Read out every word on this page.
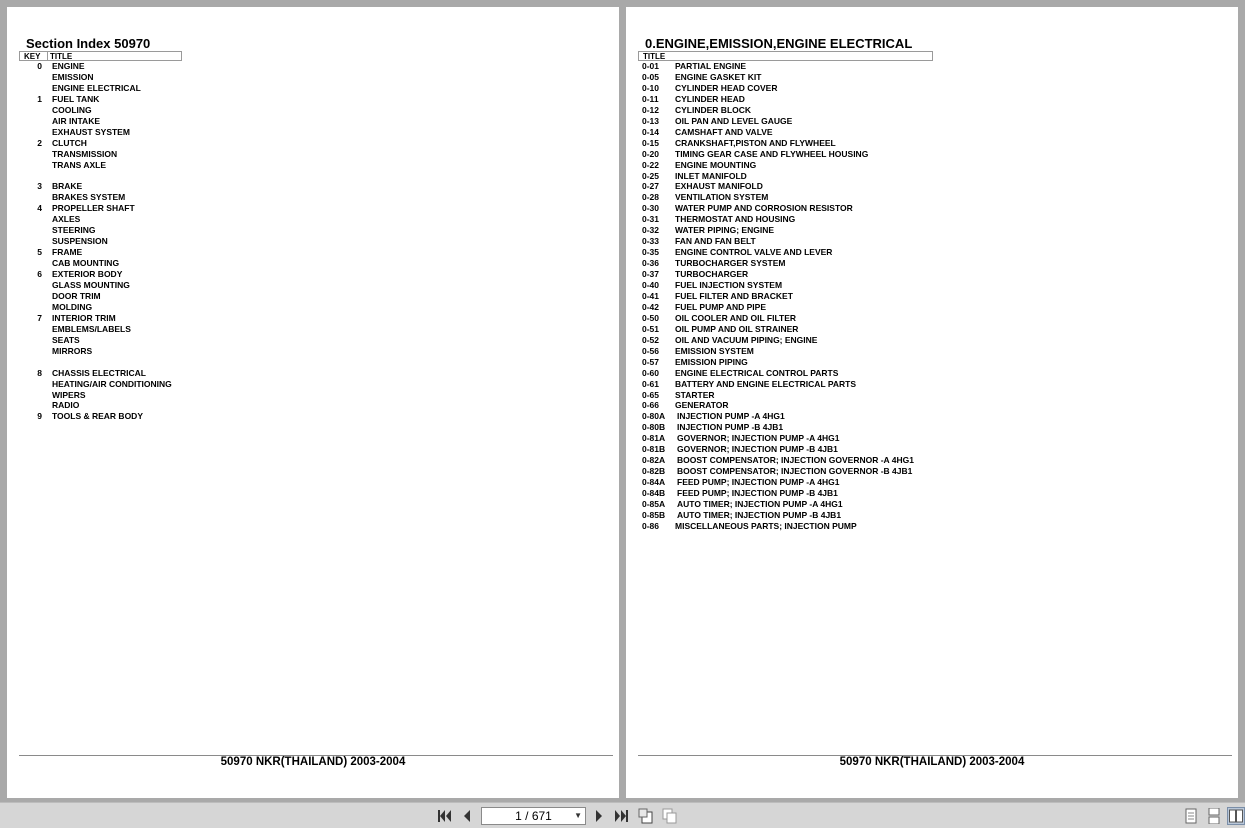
Section Index 50970
KEY TITLE
0 ENGINE
EMISSION
ENGINE ELECTRICAL
1 FUEL TANK
COOLING
AIR INTAKE
EXHAUST SYSTEM
2 CLUTCH
TRANSMISSION
TRANS AXLE
3 BRAKE
BRAKES SYSTEM
4 PROPELLER SHAFT
AXLES
STEERING
SUSPENSION
5 FRAME
CAB MOUNTING
6 EXTERIOR BODY
GLASS MOUNTING
DOOR TRIM
MOLDING
7 INTERIOR TRIM
EMBLEMS/LABELS
SEATS
MIRRORS
8 CHASSIS ELECTRICAL
HEATING/AIR CONDITIONING
WIPERS
RADIO
9 TOOLS & REAR BODY
50970 NKR(THAILAND) 2003-2004
0.ENGINE,EMISSION,ENGINE ELECTRICAL
TITLE
0-01 PARTIAL ENGINE
0-05 ENGINE GASKET KIT
0-10 CYLINDER HEAD COVER
0-11 CYLINDER HEAD
0-12 CYLINDER BLOCK
0-13 OIL PAN AND LEVEL GAUGE
0-14 CAMSHAFT AND VALVE
0-15 CRANKSHAFT,PISTON AND FLYWHEEL
0-20 TIMING GEAR CASE AND FLYWHEEL HOUSING
0-22 ENGINE MOUNTING
0-25 INLET MANIFOLD
0-27 EXHAUST MANIFOLD
0-28 VENTILATION SYSTEM
0-30 WATER PUMP AND CORROSION RESISTOR
0-31 THERMOSTAT AND HOUSING
0-32 WATER PIPING; ENGINE
0-33 FAN AND FAN BELT
0-35 ENGINE CONTROL VALVE AND LEVER
0-36 TURBOCHARGER SYSTEM
0-37 TURBOCHARGER
0-40 FUEL INJECTION SYSTEM
0-41 FUEL FILTER AND BRACKET
0-42 FUEL PUMP AND PIPE
0-50 OIL COOLER AND OIL FILTER
0-51 OIL PUMP AND OIL STRAINER
0-52 OIL AND VACUUM PIPING; ENGINE
0-56 EMISSION SYSTEM
0-57 EMISSION PIPING
0-60 ENGINE ELECTRICAL CONTROL PARTS
0-61 BATTERY AND ENGINE ELECTRICAL PARTS
0-65 STARTER
0-66 GENERATOR
0-80A INJECTION PUMP -A 4HG1
0-80B INJECTION PUMP -B 4JB1
0-81A GOVERNOR; INJECTION PUMP -A 4HG1
0-81B GOVERNOR; INJECTION PUMP -B 4JB1
0-82A BOOST COMPENSATOR; INJECTION GOVERNOR -A 4HG1
0-82B BOOST COMPENSATOR; INJECTION GOVERNOR -B 4JB1
0-84A FEED PUMP; INJECTION PUMP -A 4HG1
0-84B FEED PUMP; INJECTION PUMP -B 4JB1
0-85A AUTO TIMER; INJECTION PUMP -A 4HG1
0-85B AUTO TIMER; INJECTION PUMP -B 4JB1
0-86 MISCELLANEOUS PARTS; INJECTION PUMP
50970 NKR(THAILAND) 2003-2004
1 / 671	▼
